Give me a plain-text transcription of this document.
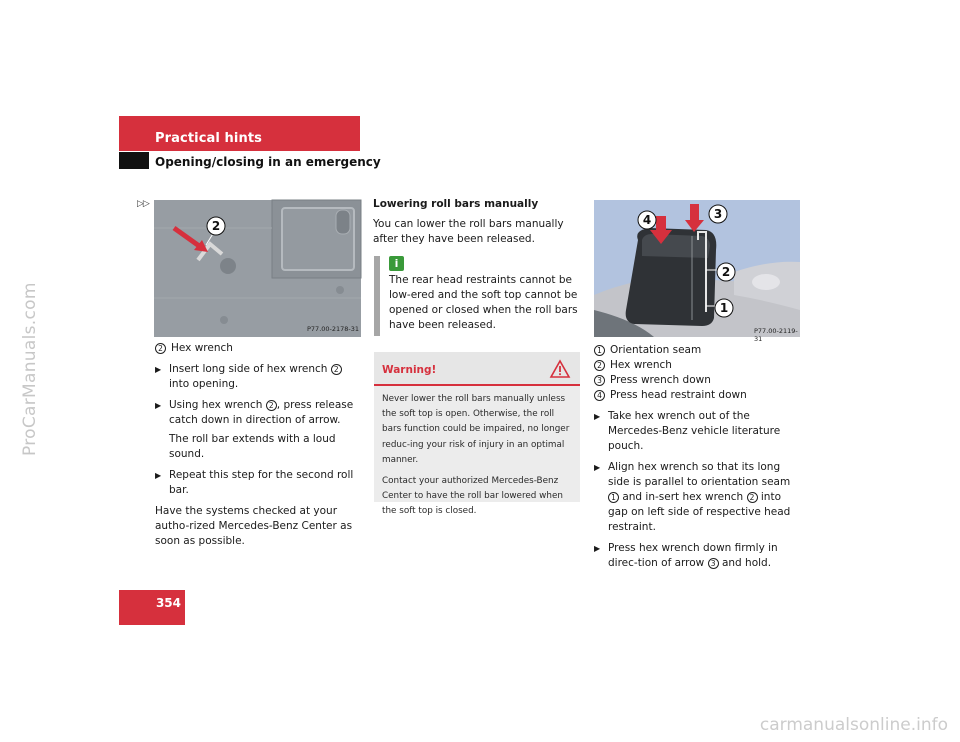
Practical hints
Opening/closing in an emergency
▷▷
2
P77.00-2178-31
2 Hex wrench
▶ Insert long side of hex wrench 2 into opening.
▶ Using hex wrench 2 , press release catch down in direction of arrow.
The roll bar extends with a loud sound.
▶ Repeat this step for the second roll bar.
Have the systems checked at your autho-rized Mercedes-Benz Center as soon as possible.
Lowering roll bars manually
You can lower the roll bars manually after they have been released.
i
The rear head restraints cannot be low-ered and the soft top cannot be opened or closed when the roll bars have been released.
Warning!
Never lower the roll bars manually unless the soft top is open. Otherwise, the roll bars function could be impaired, no longer reduc-ing your risk of injury in an optimal manner.
Contact your authorized Mercedes-Benz Center to have the roll bar lowered when the soft top is closed.
4	3
2
1
P77.00-2119-31
1 Orientation seam
2 Hex wrench
3 Press wrench down
4 Press head restraint down
▶ Take hex wrench out of the Mercedes-Benz vehicle literature pouch.
▶ Align hex wrench so that its long side is parallel to orientation seam 1 and in-sert hex wrench 2 into gap on left side of respective head restraint.
▶ Press hex wrench down firmly in direc-tion of arrow 3 and hold.
354
ProCarManuals.com
carmanualsonline.info
